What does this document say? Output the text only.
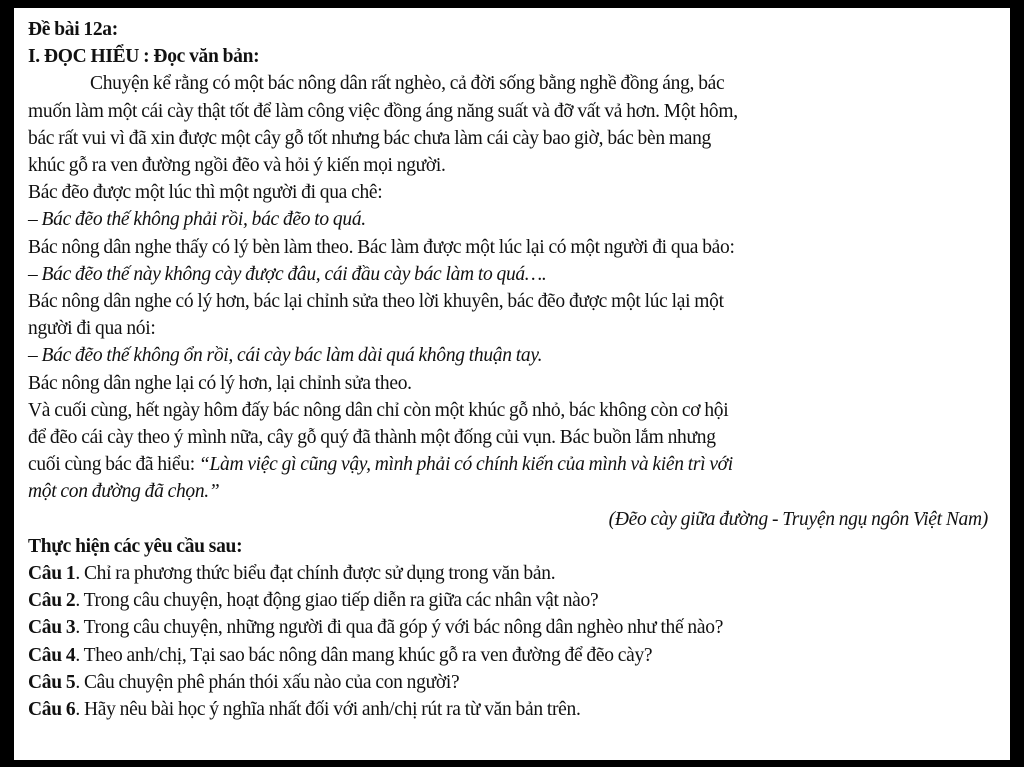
Đề bài 12a:
I. ĐỌC HIỂU : Đọc văn bản:
Chuyện kể rằng có một bác nông dân rất nghèo, cả đời sống bằng nghề đồng áng, bác
muốn làm một cái cày thật tốt để làm công việc đồng áng năng suất và đỡ vất vả hơn. Một hôm,
bác rất vui vì đã xin được một cây gỗ tốt nhưng bác chưa làm cái cày bao giờ, bác bèn mang
khúc gỗ ra ven đường ngồi đẽo và hỏi ý kiến mọi người.
Bác đẽo được một lúc thì một người đi qua chê:
– Bác đẽo thế không phải rồi, bác đẽo to quá.
Bác nông dân nghe thấy có lý bèn làm theo. Bác làm được một lúc lại có một người đi qua bảo:
– Bác đẽo thế này không cày được đâu, cái đầu cày bác làm to quá….
Bác nông dân nghe có lý hơn, bác lại chỉnh sửa theo lời khuyên, bác đẽo được một lúc lại một
người đi qua nói:
– Bác đẽo thế không ổn rồi, cái cày bác làm dài quá không thuận tay.
Bác nông dân nghe lại có lý hơn, lại chỉnh sửa theo.
Và cuối cùng, hết ngày hôm đấy bác nông dân chỉ còn một khúc gỗ nhỏ, bác không còn cơ hội
để đẽo cái cày theo ý mình nữa, cây gỗ quý đã thành một đống củi vụn. Bác buồn lắm nhưng
cuối cùng bác đã hiểu: “Làm việc gì cũng vậy, mình phải có chính kiến của mình và kiên trì với
một con đường đã chọn.”
(Đẽo cày giữa đường - Truyện ngụ ngôn Việt Nam)
Thực hiện các yêu cầu sau:
Câu 1. Chỉ ra phương thức biểu đạt chính được sử dụng trong văn bản.
Câu 2. Trong câu chuyện, hoạt động giao tiếp diễn ra giữa các nhân vật nào?
Câu 3. Trong câu chuyện, những người đi qua đã góp ý với bác nông dân nghèo như thế nào?
Câu 4. Theo anh/chị, Tại sao bác nông dân mang khúc gỗ ra ven đường để đẽo cày?
Câu 5. Câu chuyện phê phán thói xấu nào của con người?
Câu 6. Hãy nêu bài học ý nghĩa nhất đối với anh/chị rút ra từ văn bản trên.
